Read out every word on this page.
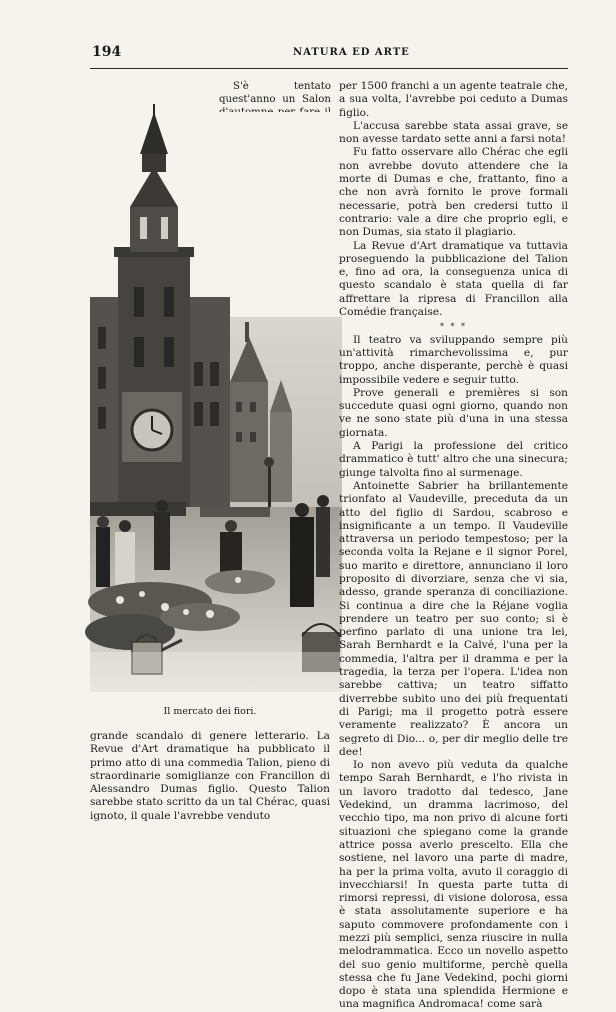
194	NATURA ED ARTE

S'è tentato quest'anno un Salon

Il mercato dei fiori.

grande scandalo di genere letterario. La Revue d'Art dramatique ha pubblicato il primo atto di una commedia Talion, pieno di straordinarie somiglianze con Francillon di Alessandro Dumas figlio. Questo Talion sarebbe stato scritto da un tal Chérac, quasi ignoto, il quale l'avrebbe venduto

per 1500 franchi a un agente teatrale che, a sua volta, l'avrebbe poi ceduto a Dumas figlio.

L'accusa sarebbe stata assai grave, se non avesse tardato sette anni a farsi nota!

Fu fatto osservare allo Chérac che egli non avrebbe dovuto attendere che la morte di Dumas e che, frattanto, fino a che non avrà fornito le prove formali necessarie, potrà ben credersi tutto il contrario: vale a dire che proprio egli, e non Dumas, sia stato il plagiario.

La Revue d'Art dramatique va tuttavia proseguendo la pubblicazione del Talion e, fino ad ora, la conseguenza unica di questo scandalo è stata quella di far affrettare la ripresa di Francillon alla Comédie française.

* * *

Il teatro va sviluppando sempre più un'attività rimarchevolissima e, pur troppo, anche disperante, perchè è quasi impossibile vedere e seguir tutto.

Prove generali e premières si son succedute quasi ogni giorno, quando non ve ne sono state più d'una in una stessa giornata.

A Parigi la professione del critico drammatico è tutt' altro che una sinecura; giunge talvolta fino al surmenage.

Antoinette Sabrier ha brillantemente trionfato al Vaudeville, preceduta da un atto del figlio di Sardou, scabroso e insignificante a un tempo. Il Vaudeville attraversa un periodo tempestoso; per la seconda volta la Rejane e il signor Porel, suo marito e direttore, annunciano il loro proposito di divorziare, senza che vi sia, adesso, grande speranza di conciliazione. Si continua a dire che la Réjane voglia prendere un teatro per suo conto; si è perfino parlato di una unione tra lei, Sarah Bernhardt e la Calvé, l'una per la commedia, l'altra per il dramma e per la tragedia, la terza per l'opera. L'idea non sarebbe cattiva; un teatro siffatto diverrebbe subito uno dei più frequentati di Parigi; ma il progetto potrà essere veramente realizzato? È ancora un segreto di Dio... o, per dir meglio delle tre dee!

Io non avevo più veduta da qualche tempo Sarah Bernhardt, e l'ho rivista in un lavoro tradotto dal tedesco, Jane Vedekind, un dramma lacrimoso, del vecchio tipo, ma non privo di alcune forti situazioni che spiegano come la grande attrice possa averlo prescelto. Ella che sostiene, nel lavoro una parte di madre, ha per la prima volta, avuto il coraggio di invecchiarsi! In questa parte tutta di rimorsi repressi, di visione dolorosa, essa è stata assolutamente superiore e ha saputo commovere profondamente con i mezzi più semplici, senza riuscire in nulla melodrammatica. Ecco un novello aspetto del suo genio multiforme, perchè quella stessa che fu Jane Vedekind, pochi giorni dopo è stata una splendida Hermione e una magnifica Andromaca! come sarà
